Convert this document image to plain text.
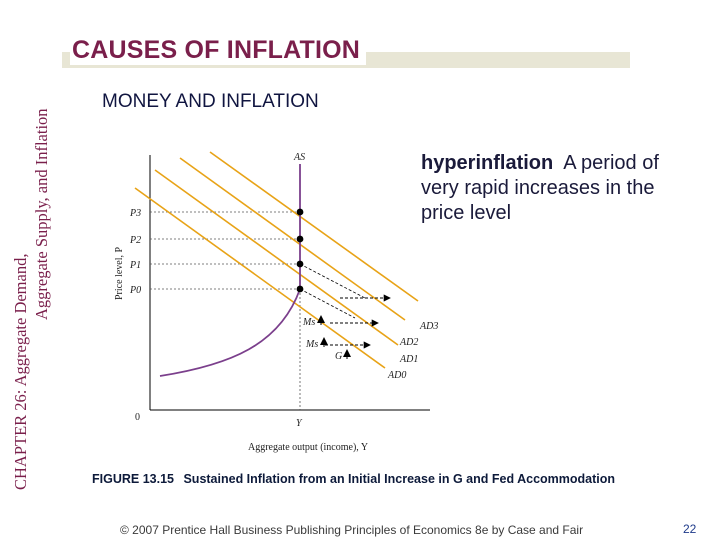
CHAPTER 26: Aggregate Demand,
Aggregate Supply, and Inflation
CAUSES OF INFLATION
MONEY AND INFLATION
hyperinflation A period of very rapid increases in the price level
Price level, P
Aggregate output (income), Y
0
Y
P3
P2
P1
P0
AS
AD3
AD2
AD1
AD0
Ms
Ms
G
FIGURE 13.15 Sustained Inflation from an Initial Increase in G and Fed Accommodation
© 2007 Prentice Hall Business Publishing Principles of Economics 8e by Case and Fair	22
